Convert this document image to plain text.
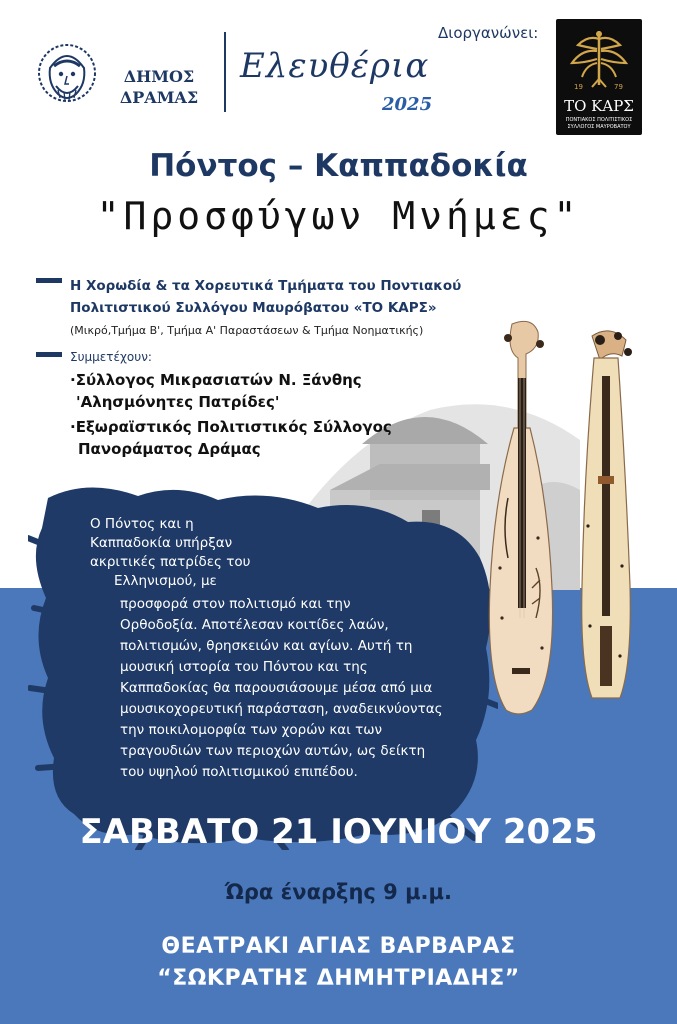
ΔΗΜΟΣ
ΔΡΑΜΑΣ
Ελευθέρια
2025
Διοργανώνει:
19	79
ΤΟ ΚΑΡΣ
ΠΟΝΤΙΑΚΟΣ ΠΟΛΙΤΙΣΤΙΚΟΣ
ΣΥΛΛΟΓΟΣ ΜΑΥΡΟΒΑΤΟΥ
Πόντος – Καππαδοκία
"Προσφύγων Μνήμες"
Η Χορωδία & τα Χορευτικά Τμήματα του Ποντιακού
Πολιτιστικού Συλλόγου Μαυρόβατου «ΤΟ ΚΑΡΣ»
(Μικρό,Τμήμα Β', Τμήμα Α' Παραστάσεων & Τμήμα Νοηματικής)
Συμμετέχουν:
·Σύλλογος Μικρασιατών Ν. Ξάνθης
'Αλησμόνητες Πατρίδες'
·Εξωραϊστικός Πολιτιστικός Σύλλογος
Πανοράματος Δράμας
Ο Πόντος και η
Καππαδοκία υπήρξαν
ακριτικές πατρίδες του
Ελληνισμού, με
προσφορά στον πολιτισμό και την
Ορθοδοξία. Αποτέλεσαν κοιτίδες λαών,
πολιτισμών, θρησκειών και αγίων. Αυτή τη
μουσική ιστορία του Πόντου και της
Καππαδοκίας θα παρουσιάσουμε μέσα από μια
μουσικοχορευτική παράσταση, αναδεικνύοντας
την ποικιλομορφία των χορών και των
τραγουδιών των περιοχών αυτών, ως δείκτη
του υψηλού πολιτισμικού επιπέδου.
ΣΑΒΒΑΤΟ 21 ΙΟΥΝΙΟΥ 2025
Ώρα έναρξης 9 μ.μ.
ΘΕΑΤΡΑΚΙ ΑΓΙΑΣ ΒΑΡΒΑΡΑΣ
“ΣΩΚΡΑΤΗΣ ΔΗΜΗΤΡΙΑΔΗΣ”
